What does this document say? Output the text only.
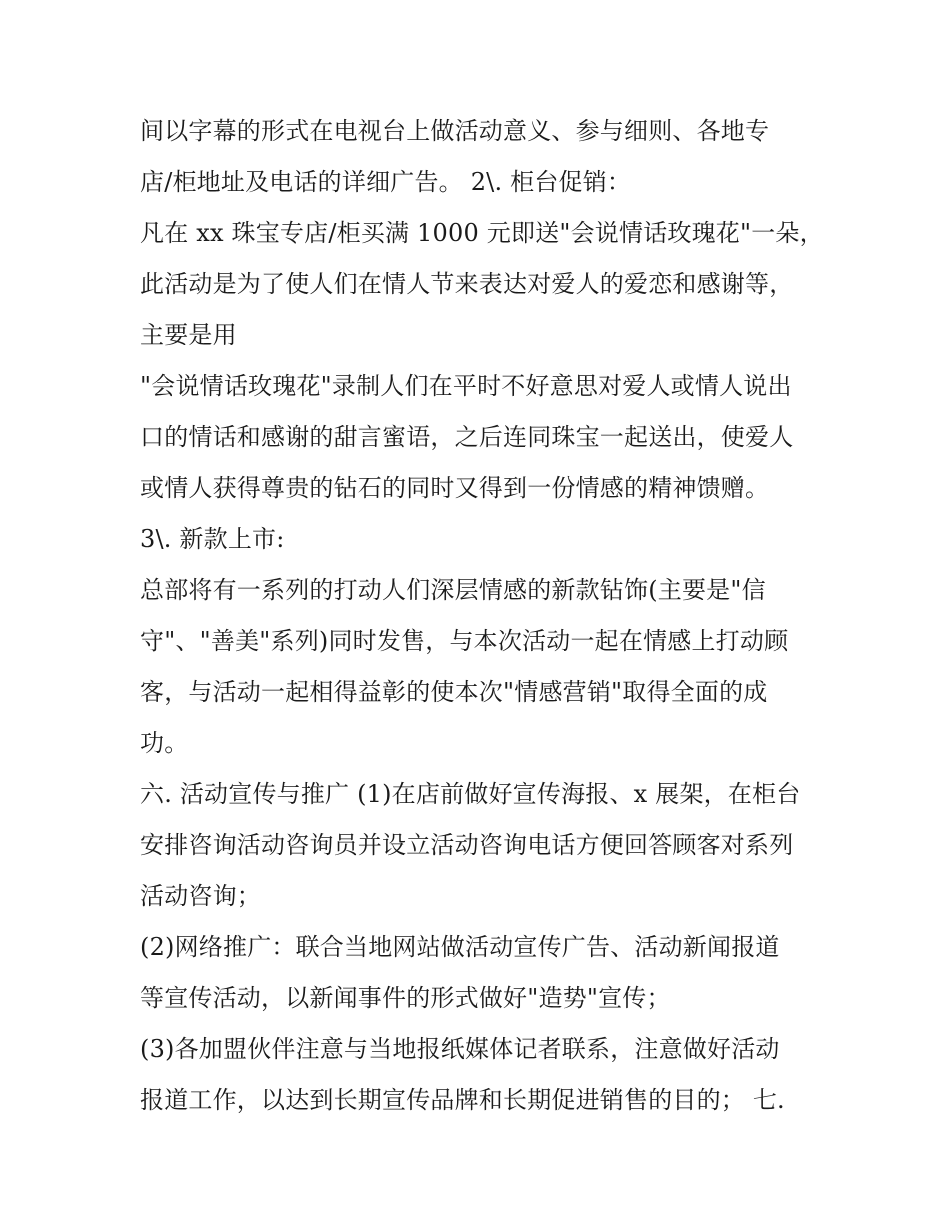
间以字幕的形式在电视台上做活动意义、参与细则、各地专
店/柜地址及电话的详细广告。 2\. 柜台促销：
凡在 xx 珠宝专店/柜买满 1000 元即送"会说情话玫瑰花"一朵，
此活动是为了使人们在情人节来表达对爱人的爱恋和感谢等，
主要是用
"会说情话玫瑰花"录制人们在平时不好意思对爱人或情人说出
口的情话和感谢的甜言蜜语，之后连同珠宝一起送出，使爱人
或情人获得尊贵的钻石的同时又得到一份情感的精神馈赠。
3\. 新款上市:
总部将有一系列的打动人们深层情感的新款钻饰(主要是"信
守"、"善美"系列)同时发售，与本次活动一起在情感上打动顾
客，与活动一起相得益彰的使本次"情感营销"取得全面的成
功。
六. 活动宣传与推广 (1)在店前做好宣传海报、x 展架，在柜台
安排咨询活动咨询员并设立活动咨询电话方便回答顾客对系列
活动咨询；
(2)网络推广：联合当地网站做活动宣传广告、活动新闻报道
等宣传活动，以新闻事件的形式做好"造势"宣传；
(3)各加盟伙伴注意与当地报纸媒体记者联系，注意做好活动
报道工作，以达到长期宣传品牌和长期促进销售的目的； 七.
